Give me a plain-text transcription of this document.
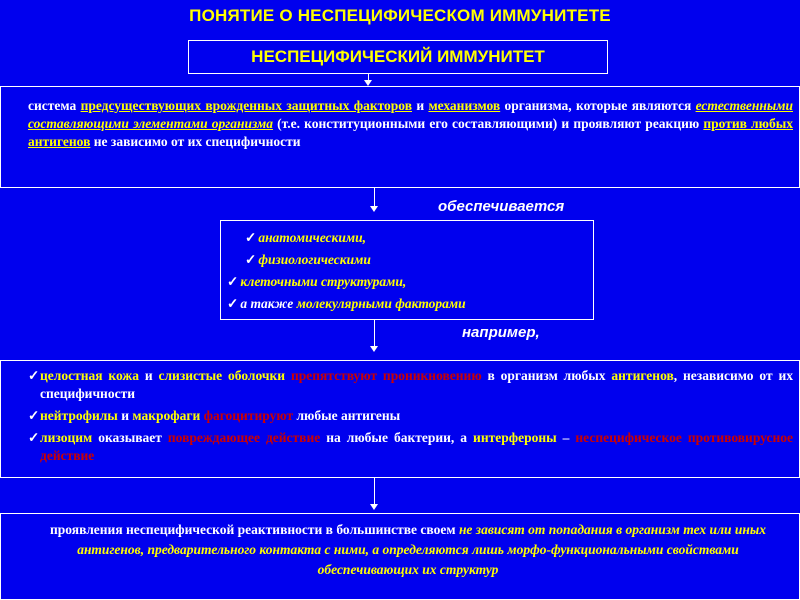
ПОНЯТИЕ О НЕСПЕЦИФИЧЕСКОМ ИММУНИТЕТЕ
НЕСПЕЦИФИЧЕСКИЙ ИММУНИТЕТ
система предсуществующих врожденных защитных факторов и механизмов организма, которые являются естественными составляющими элементами организма (т.е. конституционными его составляющими) и проявляют реакцию против любых антигенов не зависимо от их специфичности
обеспечивается
✓ анатомическими,
✓ физиологическими
✓ клеточными структурами,
✓ а также молекулярными факторами
например,
✓ целостная кожа и слизистые оболочки препятствуют проникновению в организм любых антигенов, независимо от их специфичности
✓ нейтрофилы и макрофаги фагоцитируют любые антигены
✓ лизоцим оказывает повреждающее действие на любые бактерии, а интерфероны – неспецифическое противовирусное действие
проявления неспецифической реактивности в большинстве своем не зависят от попадания в организм тех или иных антигенов, предварительного контакта с ними, а определяются лишь морфо-функциональными свойствами обеспечивающих их структур
